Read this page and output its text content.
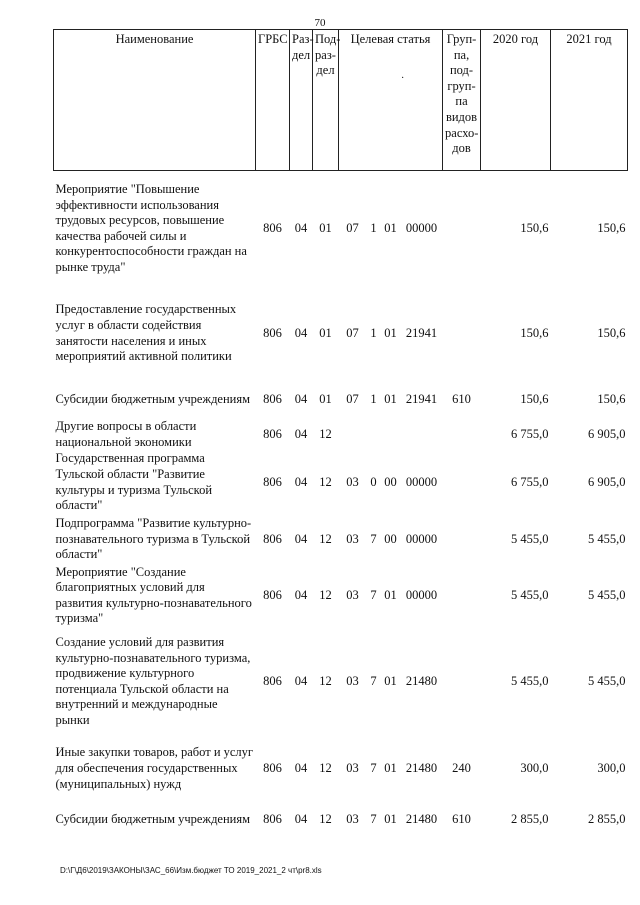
70
Наименование	ГРБС	Раз-дел	Под-раз-дел	Целевая статья				Груп-па, под-груп-па видов расхо-дов	2020 год	2021 год
Мероприятие "Повышение эффективности использования трудовых ресурсов, повышение качества рабочей силы и конкурентоспособности граждан на рынке труда"	806	04	01	07	1	01	00000		150,6	150,6
Предоставление государственных услуг в области содействия занятости населения и иных мероприятий активной политики	806	04	01	07	1	01	21941		150,6	150,6
Субсидии бюджетным учреждениям	806	04	01	07	1	01	21941	610	150,6	150,6
Другие вопросы в области национальной экономики	806	04	12						6 755,0	6 905,0
Государственная программа Тульской области "Развитие культуры и туризма Тульской области"	806	04	12	03	0	00	00000		6 755,0	6 905,0
Подпрограмма "Развитие культурно-познавательного туризма в Тульской области"	806	04	12	03	7	00	00000		5 455,0	5 455,0
Мероприятие "Создание благоприятных условий для развития культурно-познавательного туризма"	806	04	12	03	7	01	00000		5 455,0	5 455,0
Создание условий для развития культурно-познавательного туризма, продвижение культурного потенциала Тульской области на внутренний и международные рынки	806	04	12	03	7	01	21480		5 455,0	5 455,0
Иные закупки товаров, работ и услуг для обеспечения государственных (муниципальных) нужд	806	04	12	03	7	01	21480	240	300,0	300,0
Субсидии бюджетным учреждениям	806	04	12	03	7	01	21480	610	2 855,0	2 855,0
·
D:\Г\Д6\2019\ЗАКОНЫ\ЗАС_66\Изм.бюджет ТО 2019_2021_2 чт\pr8.xls
